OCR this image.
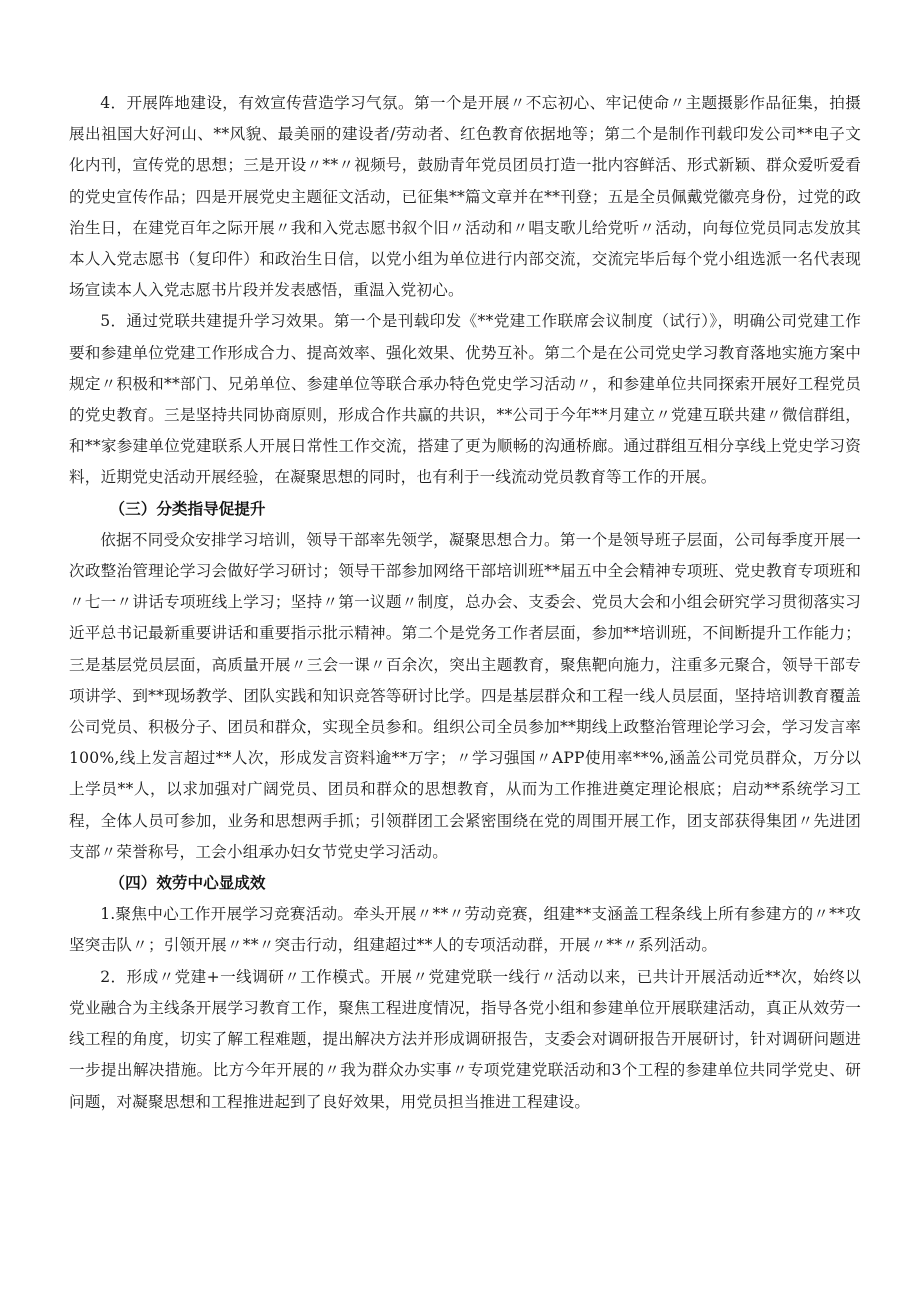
4．开展阵地建设，有效宣传营造学习气氛。第一个是开展〃不忘初心、牢记使命〃主题摄影作品征集，拍摄展出祖国大好河山、**风貌、最美丽的建设者/劳动者、红色教育依据地等；第二个是制作刊载印发公司**电子文化内刊，宣传党的思想；三是开设〃**〃视频号，鼓励青年党员团员打造一批内容鲜活、形式新颖、群众爱听爱看的党史宣传作品；四是开展党史主题征文活动，已征集**篇文章并在**刊登；五是全员佩戴党徽亮身份，过党的政治生日，在建党百年之际开展〃我和入党志愿书叙个旧〃活动和〃唱支歌儿给党听〃活动，向每位党员同志发放其本人入党志愿书（复印件）和政治生日信，以党小组为单位进行内部交流，交流完毕后每个党小组选派一名代表现场宣读本人入党志愿书片段并发表感悟，重温入党初心。

5．通过党联共建提升学习效果。第一个是刊载印发《**党建工作联席会议制度（试行）》，明确公司党建工作要和参建单位党建工作形成合力、提高效率、强化效果、优势互补。第二个是在公司党史学习教育落地实施方案中规定〃积极和**部门、兄弟单位、参建单位等联合承办特色党史学习活动〃，和参建单位共同探索开展好工程党员的党史教育。三是坚持共同协商原则，形成合作共赢的共识，**公司于今年**月建立〃党建互联共建〃微信群组，和**家参建单位党建联系人开展日常性工作交流，搭建了更为顺畅的沟通桥廊。通过群组互相分享线上党史学习资料，近期党史活动开展经验，在凝聚思想的同时，也有利于一线流动党员教育等工作的开展。

（三）分类指导促提升

依据不同受众安排学习培训，领导干部率先领学，凝聚思想合力。第一个是领导班子层面，公司每季度开展一次政整治管理论学习会做好学习研讨；领导干部参加网络干部培训班**届五中全会精神专项班、党史教育专项班和〃七一〃讲话专项班线上学习；坚持〃第一议题〃制度，总办会、支委会、党员大会和小组会研究学习贯彻落实习近平总书记最新重要讲话和重要指示批示精神。第二个是党务工作者层面，参加**培训班，不间断提升工作能力；三是基层党员层面，高质量开展〃三会一课〃百余次，突出主题教育，聚焦靶向施力，注重多元聚合，领导干部专项讲学、到**现场教学、团队实践和知识竞答等研讨比学。四是基层群众和工程一线人员层面，坚持培训教育覆盖公司党员、积极分子、团员和群众，实现全员参和。组织公司全员参加**期线上政整治管理论学习会，学习发言率100%,线上发言超过**人次，形成发言资料逾**万字；〃学习强国〃APP使用率**%,涵盖公司党员群众，万分以上学员**人，以求加强对广阔党员、团员和群众的思想教育，从而为工作推进奠定理论根底；启动**系统学习工程，全体人员可参加，业务和思想两手抓；引领群团工会紧密围绕在党的周围开展工作，团支部获得集团〃先进团支部〃荣誉称号，工会小组承办妇女节党史学习活动。

（四）效劳中心显成效

1.聚焦中心工作开展学习竞赛活动。牵头开展〃**〃劳动竞赛，组建**支涵盖工程条线上所有参建方的〃**攻坚突击队〃；引领开展〃**〃突击行动，组建超过**人的专项活动群，开展〃**〃系列活动。

2．形成〃党建+一线调研〃工作模式。开展〃党建党联一线行〃活动以来，已共计开展活动近**次，始终以党业融合为主线条开展学习教育工作，聚焦工程进度情况，指导各党小组和参建单位开展联建活动，真正从效劳一线工程的角度，切实了解工程难题，提出解决方法并形成调研报告，支委会对调研报告开展研讨，针对调研问题进一步提出解决措施。比方今年开展的〃我为群众办实事〃专项党建党联活动和3个工程的参建单位共同学党史、研问题，对凝聚思想和工程推进起到了良好效果，用党员担当推进工程建设。
